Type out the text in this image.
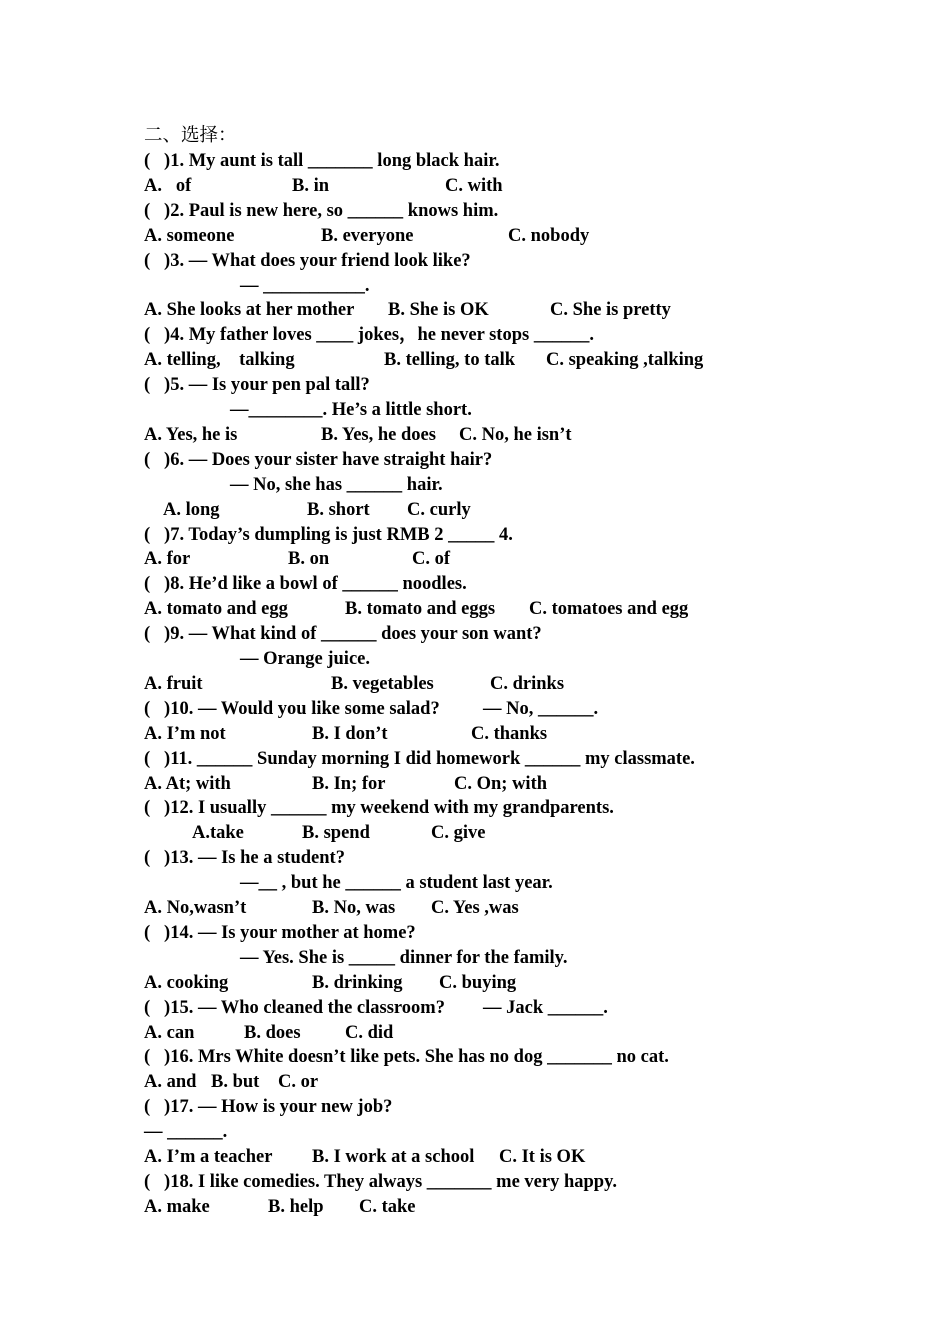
二、选择：
(   )1. My aunt is tall _______ long black hair.
A.   of	B. in	C. with
(   )2. Paul is new here, so ______ knows him.
A. someone	B. everyone	C. nobody
(   )3. — What does your friend look like?
— ___________.
A. She looks at her mother B. She is OK	C. She is pretty
(   )4. My father loves ____ jokes，he never stops ______.
A. telling,    talking	B. telling, to talk C. speaking ,talking
(   )5. — Is your pen pal tall?
—________. He’s a little short.
A. Yes, he is	B. Yes, he does C. No, he isn’t
(   )6. — Does your sister have straight hair?
— No, she has ______ hair.
A. long	B. short C. curly
(   )7. Today’s dumpling is just RMB 2 _____ 4.
A. for	B. on	C. of
(   )8. He’d like a bowl of ______ noodles.
A. tomato and egg	B. tomato and eggs C. tomatoes and egg
(   )9. — What kind of ______ does your son want?
— Orange juice.
A. fruit	B. vegetables	C. drinks
(   )10. — Would you like some salad? — No, ______.
A. I’m not	B. I don’t	C. thanks
(   )11. ______ Sunday morning I did homework ______ my classmate.
A. At; with	B. In; for	C. On; with
(   )12. I usually ______ my weekend with my grandparents.
A.take	B. spend	C. give
(   )13. — Is he a student?
—__ , but he ______ a student last year.
A. No,wasn’t	B. No, was C. Yes ,was
(   )14. — Is your mother at home?
— Yes. She is _____ dinner for the family.
A. cooking	B. drinking C. buying
(   )15. — Who cleaned the classroom? — Jack ______.
A. can	B. does C. did
(   )16. Mrs White doesn’t like pets. She has no dog _______ no cat.
A. and B. but C. or
(   )17. — How is your new job?
— ______.
A. I’m a teacher B. I work at a school C. It is OK
(   )18. I like comedies. They always _______ me very happy.
A. make	B. help C. take
